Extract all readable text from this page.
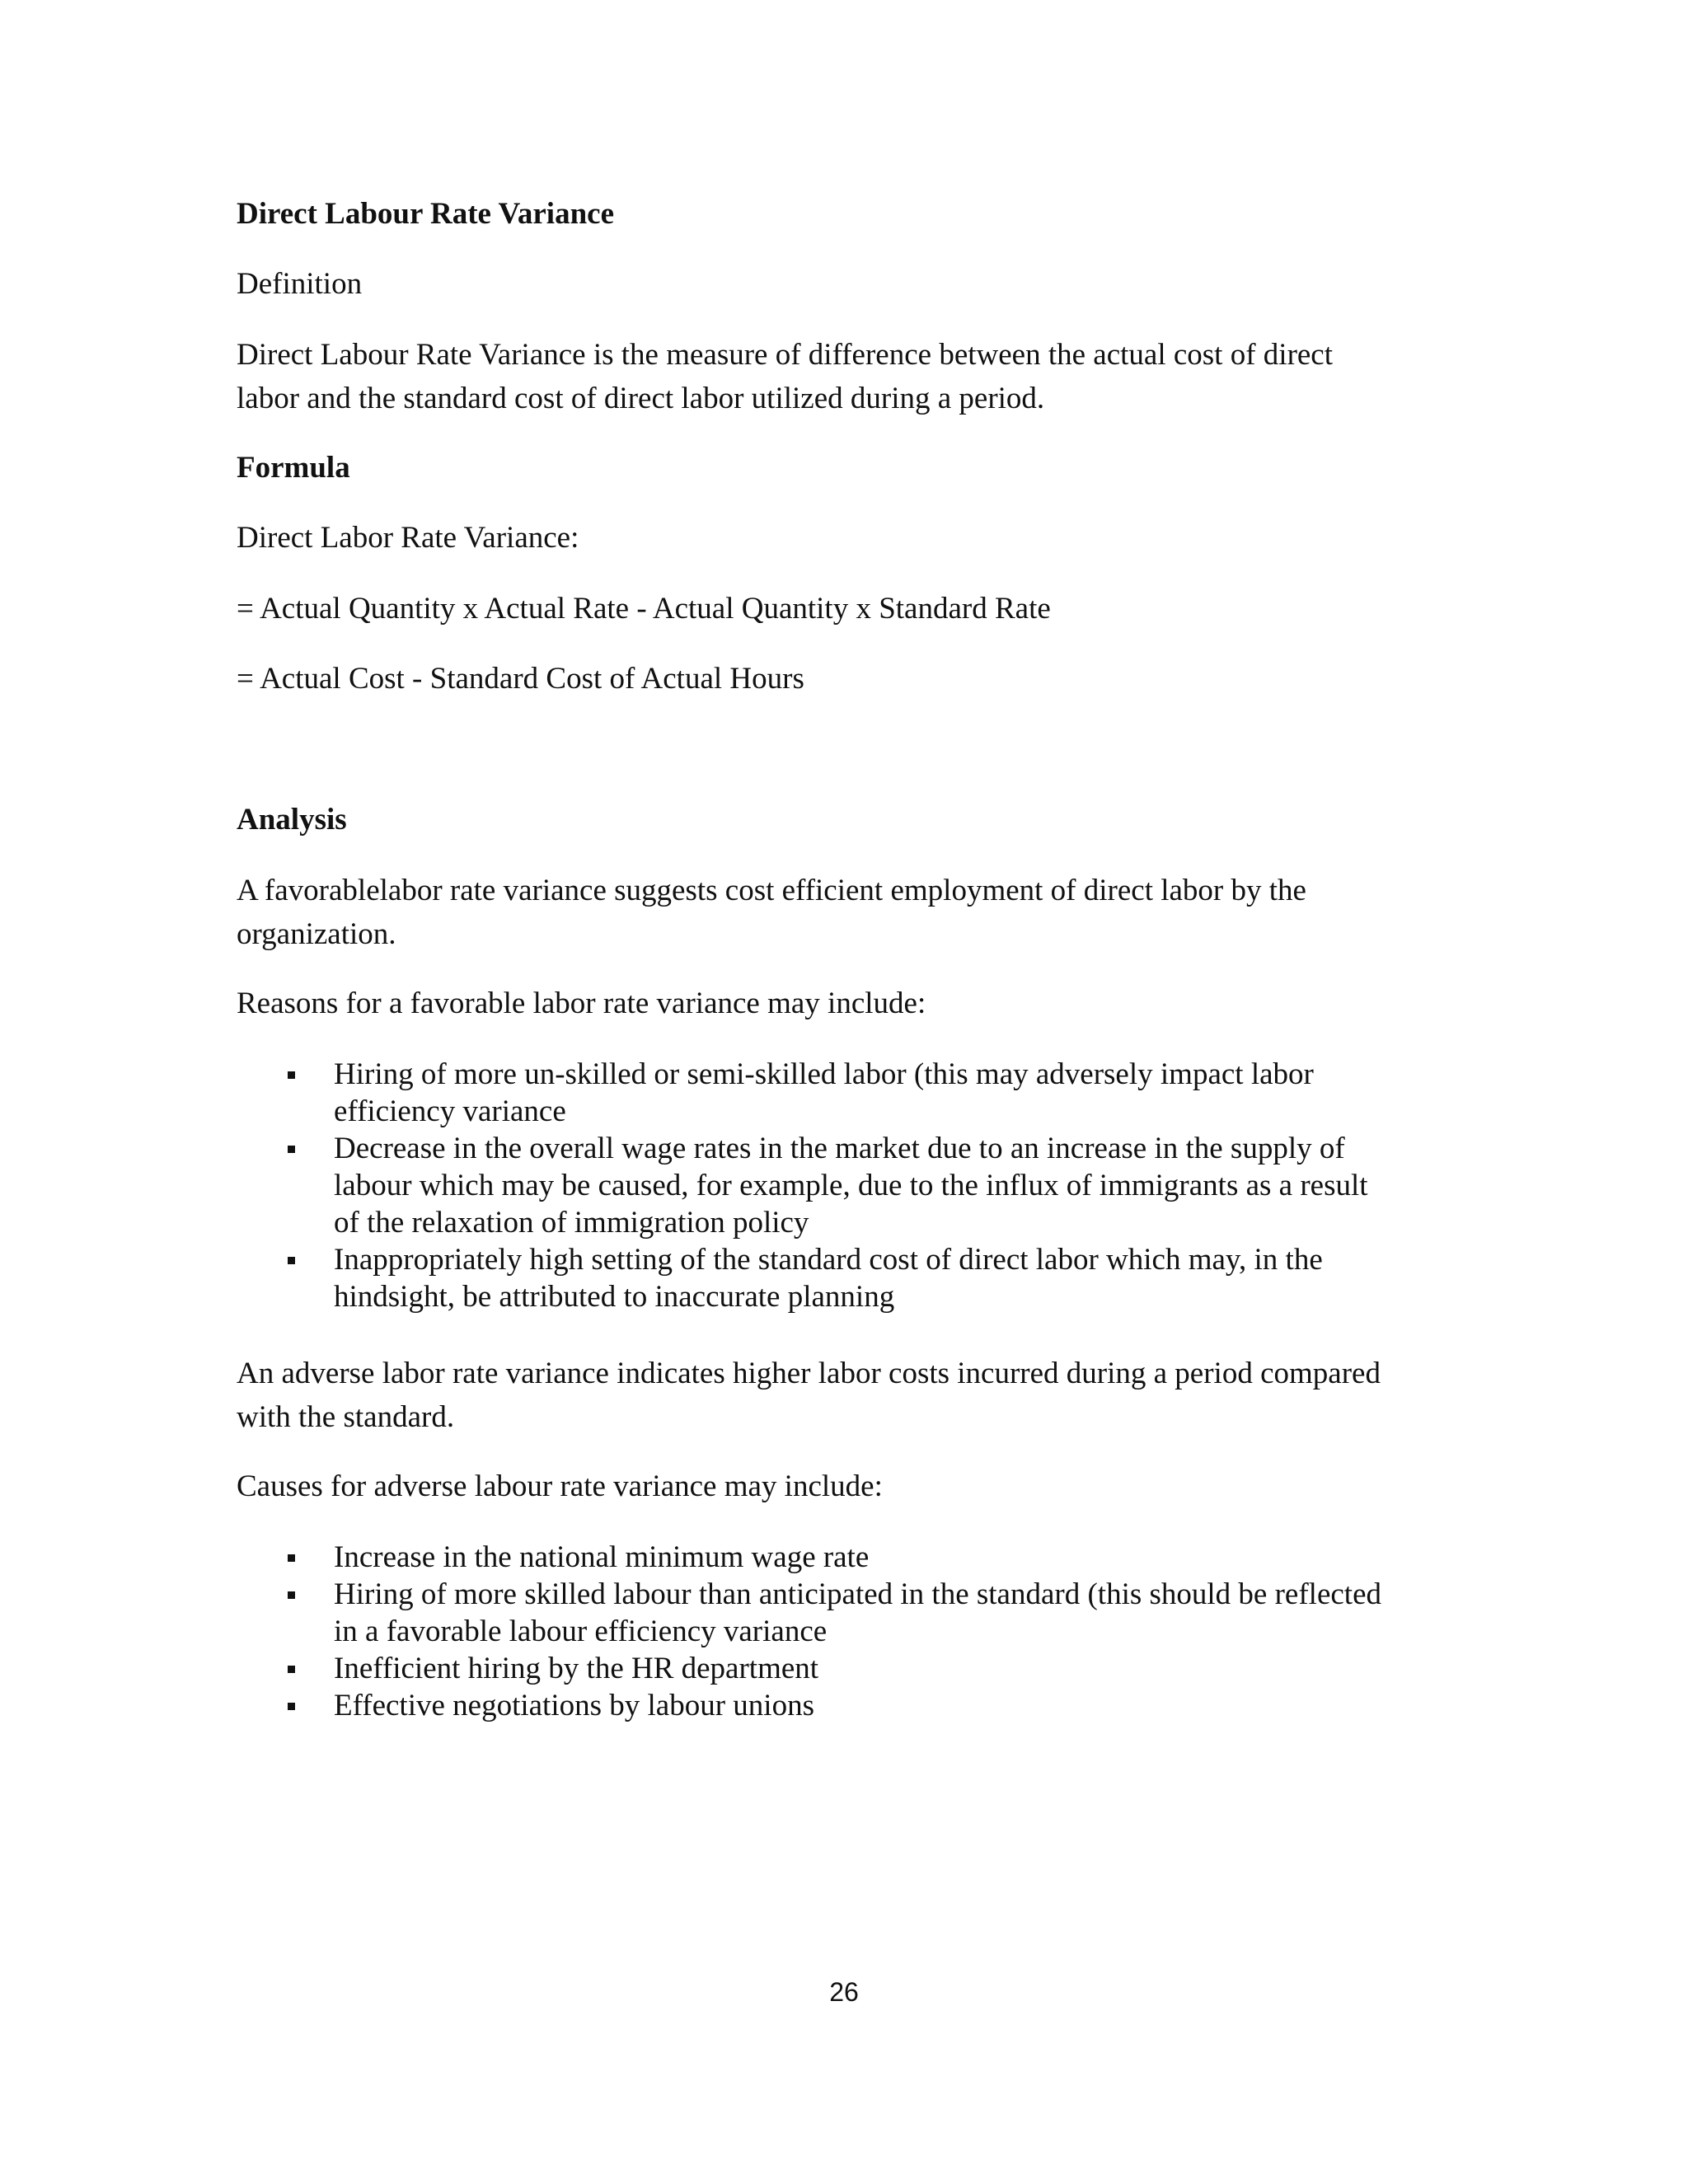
Direct Labour Rate Variance
Definition
Direct Labour Rate Variance is the measure of difference between the actual cost of direct
labor and the standard cost of direct labor utilized during a period.
Formula
Direct Labor Rate Variance:
= Actual Quantity x Actual Rate - Actual Quantity x Standard Rate
= Actual Cost - Standard Cost of Actual Hours
Analysis
A favorablelabor rate variance suggests cost efficient employment of direct labor by the
organization.
Reasons for a favorable labor rate variance may include:
Hiring of more un-skilled or semi-skilled labor (this may adversely impact labor
efficiency variance
Decrease in the overall wage rates in the market due to an increase in the supply of
labour which may be caused, for example, due to the influx of immigrants as a result
of the relaxation of immigration policy
Inappropriately high setting of the standard cost of direct labor which may, in the
hindsight, be attributed to inaccurate planning
An adverse labor rate variance indicates higher labor costs incurred during a period compared
with the standard.
Causes for adverse labour rate variance may include:
Increase in the national minimum wage rate
Hiring of more skilled labour than anticipated in the standard (this should be reflected
in a favorable labour efficiency variance
Inefficient hiring by the HR department
Effective negotiations by labour unions
26
